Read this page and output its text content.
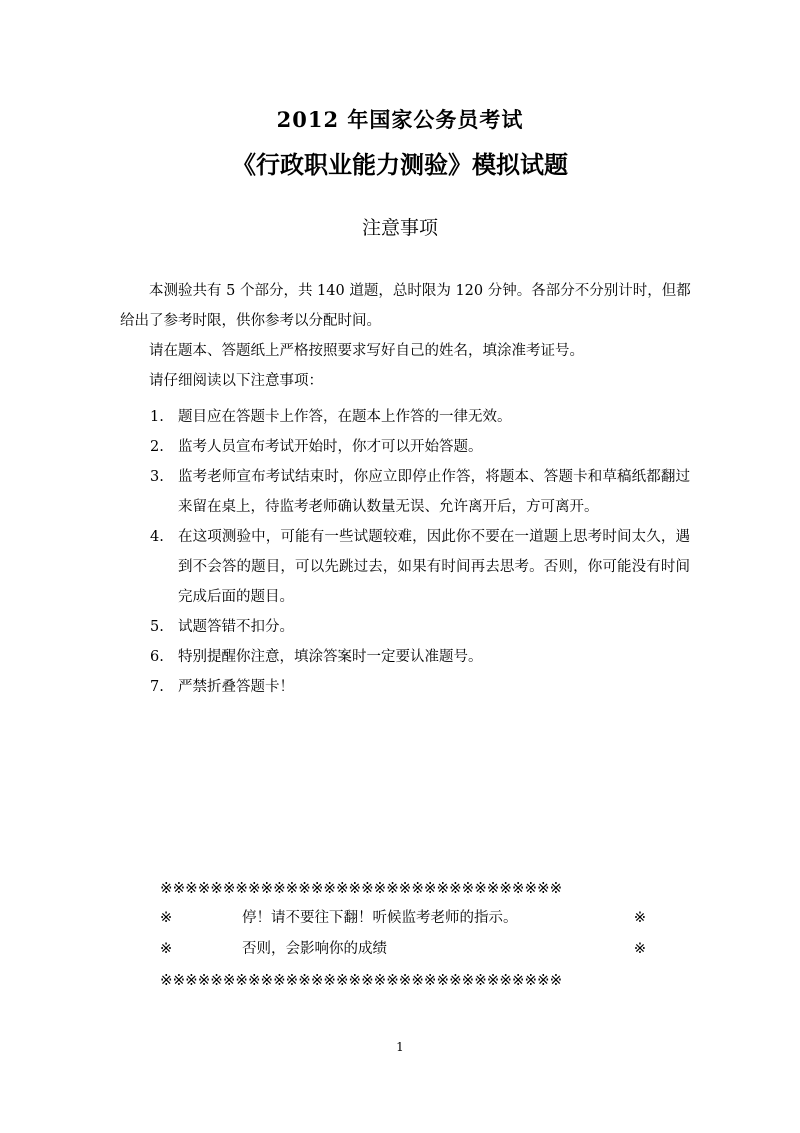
2012 年国家公务员考试
《行政职业能力测验》模拟试题
注意事项
本测验共有 5 个部分，共 140 道题，总时限为 120 分钟。各部分不分别计时，但都给出了参考时限，供你参考以分配时间。
请在题本、答题纸上严格按照要求写好自己的姓名，填涂准考证号。
请仔细阅读以下注意事项：
1. 题目应在答题卡上作答，在题本上作答的一律无效。
2. 监考人员宣布考试开始时，你才可以开始答题。
3. 监考老师宣布考试结束时，你应立即停止作答，将题本、答题卡和草稿纸都翻过来留在桌上，待监考老师确认数量无误、允许离开后，方可离开。
4. 在这项测验中，可能有一些试题较难，因此你不要在一道题上思考时间太久，遇到不会答的题目，可以先跳过去，如果有时间再去思考。否则，你可能没有时间完成后面的题目。
5. 试题答错不扣分。
6. 特别提醒你注意，填涂答案时一定要认准题号。
7. 严禁折叠答题卡！
※※※※※※※※※※※※※※※※※※※※※※※※※※※※※※※※
※	停！请不要往下翻！听候监考老师的指示。	※
※	否则，会影响你的成绩	※
※※※※※※※※※※※※※※※※※※※※※※※※※※※※※※※※
1
